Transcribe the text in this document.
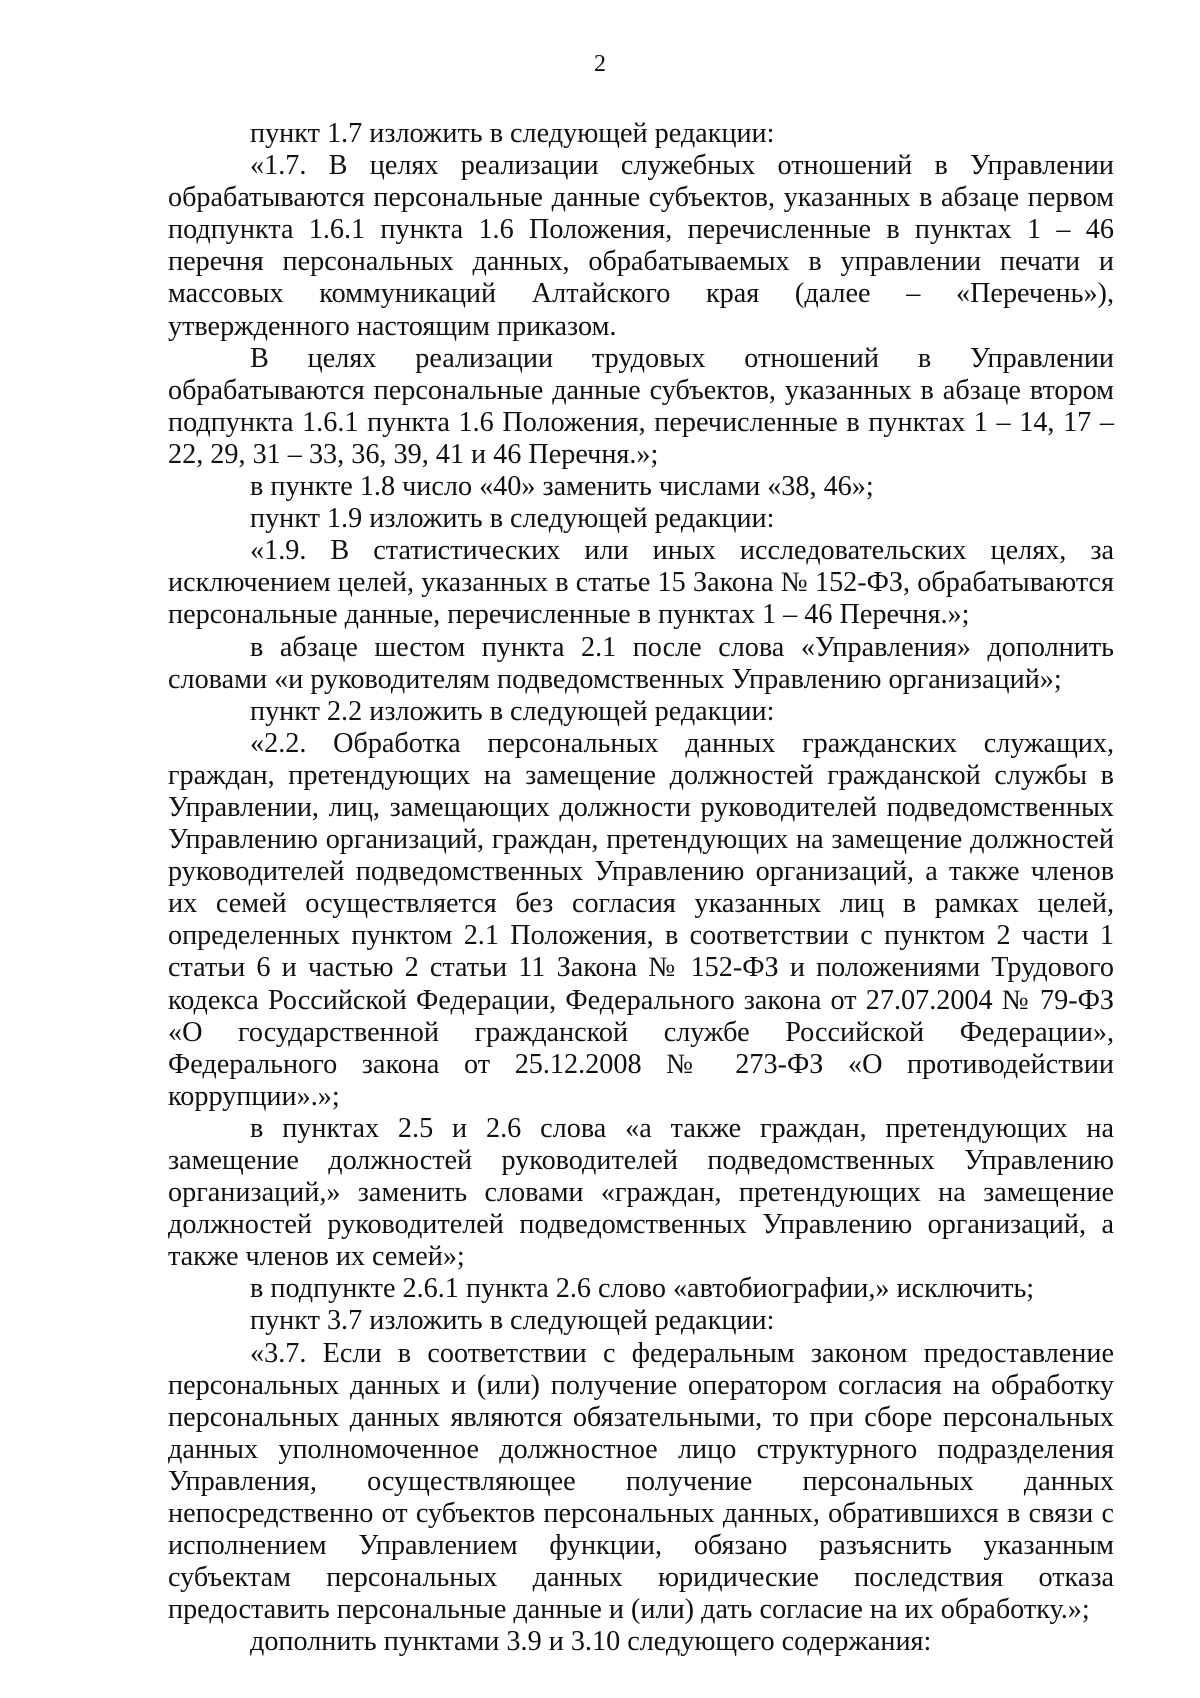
2

пункт 1.7 изложить в следующей редакции:

«1.7. В целях реализации служебных отношений в Управлении обрабатываются персональные данные субъектов, указанных в абзаце первом подпункта 1.6.1 пункта 1.6 Положения, перечисленные в пунктах 1 – 46 перечня персональных данных, обрабатываемых в управлении печати и массовых коммуникаций Алтайского края (далее – «Перечень»), утвержденного настоящим приказом.

В целях реализации трудовых отношений в Управлении обрабатываются персональные данные субъектов, указанных в абзаце втором подпункта 1.6.1 пункта 1.6 Положения, перечисленные в пунктах 1 – 14, 17 – 22, 29, 31 – 33, 36, 39, 41 и 46 Перечня.»;

в пункте 1.8 число «40» заменить числами «38, 46»;

пункт 1.9 изложить в следующей редакции:

«1.9. В статистических или иных исследовательских целях, за исключением целей, указанных в статье 15 Закона № 152-ФЗ, обрабатываются персональные данные, перечисленные в пунктах 1 – 46 Перечня.»;

в абзаце шестом пункта 2.1 после слова «Управления» дополнить словами «и руководителям подведомственных Управлению организаций»;

пункт 2.2 изложить в следующей редакции:

«2.2. Обработка персональных данных гражданских служащих, граждан, претендующих на замещение должностей гражданской службы в Управлении, лиц, замещающих должности руководителей подведомственных Управлению организаций, граждан, претендующих на замещение должностей руководителей подведомственных Управлению организаций, а также членов их семей осуществляется без согласия указанных лиц в рамках целей, определенных пунктом 2.1 Положения, в соответствии с пунктом 2 части 1 статьи 6 и частью 2 статьи 11 Закона № 152-ФЗ и положениями Трудового кодекса Российской Федерации, Федерального закона от 27.07.2004 № 79-ФЗ «О государственной гражданской службе Российской Федерации», Федерального закона от 25.12.2008 № 273-ФЗ «О противодействии коррупции».»;

в пунктах 2.5 и 2.6 слова «а также граждан, претендующих на замещение должностей руководителей подведомственных Управлению организаций,» заменить словами «граждан, претендующих на замещение должностей руководителей подведомственных Управлению организаций, а также членов их семей»;

в подпункте 2.6.1 пункта 2.6 слово «автобиографии,» исключить;

пункт 3.7 изложить в следующей редакции:

«3.7. Если в соответствии с федеральным законом предоставление персональных данных и (или) получение оператором согласия на обработку персональных данных являются обязательными, то при сборе персональных данных уполномоченное должностное лицо структурного подразделения Управления, осуществляющее получение персональных данных непосредственно от субъектов персональных данных, обратившихся в связи с исполнением Управлением функции, обязано разъяснить указанным субъектам персональных данных юридические последствия отказа предоставить персональные данные и (или) дать согласие на их обработку.»;

дополнить пунктами 3.9 и 3.10 следующего содержания:
